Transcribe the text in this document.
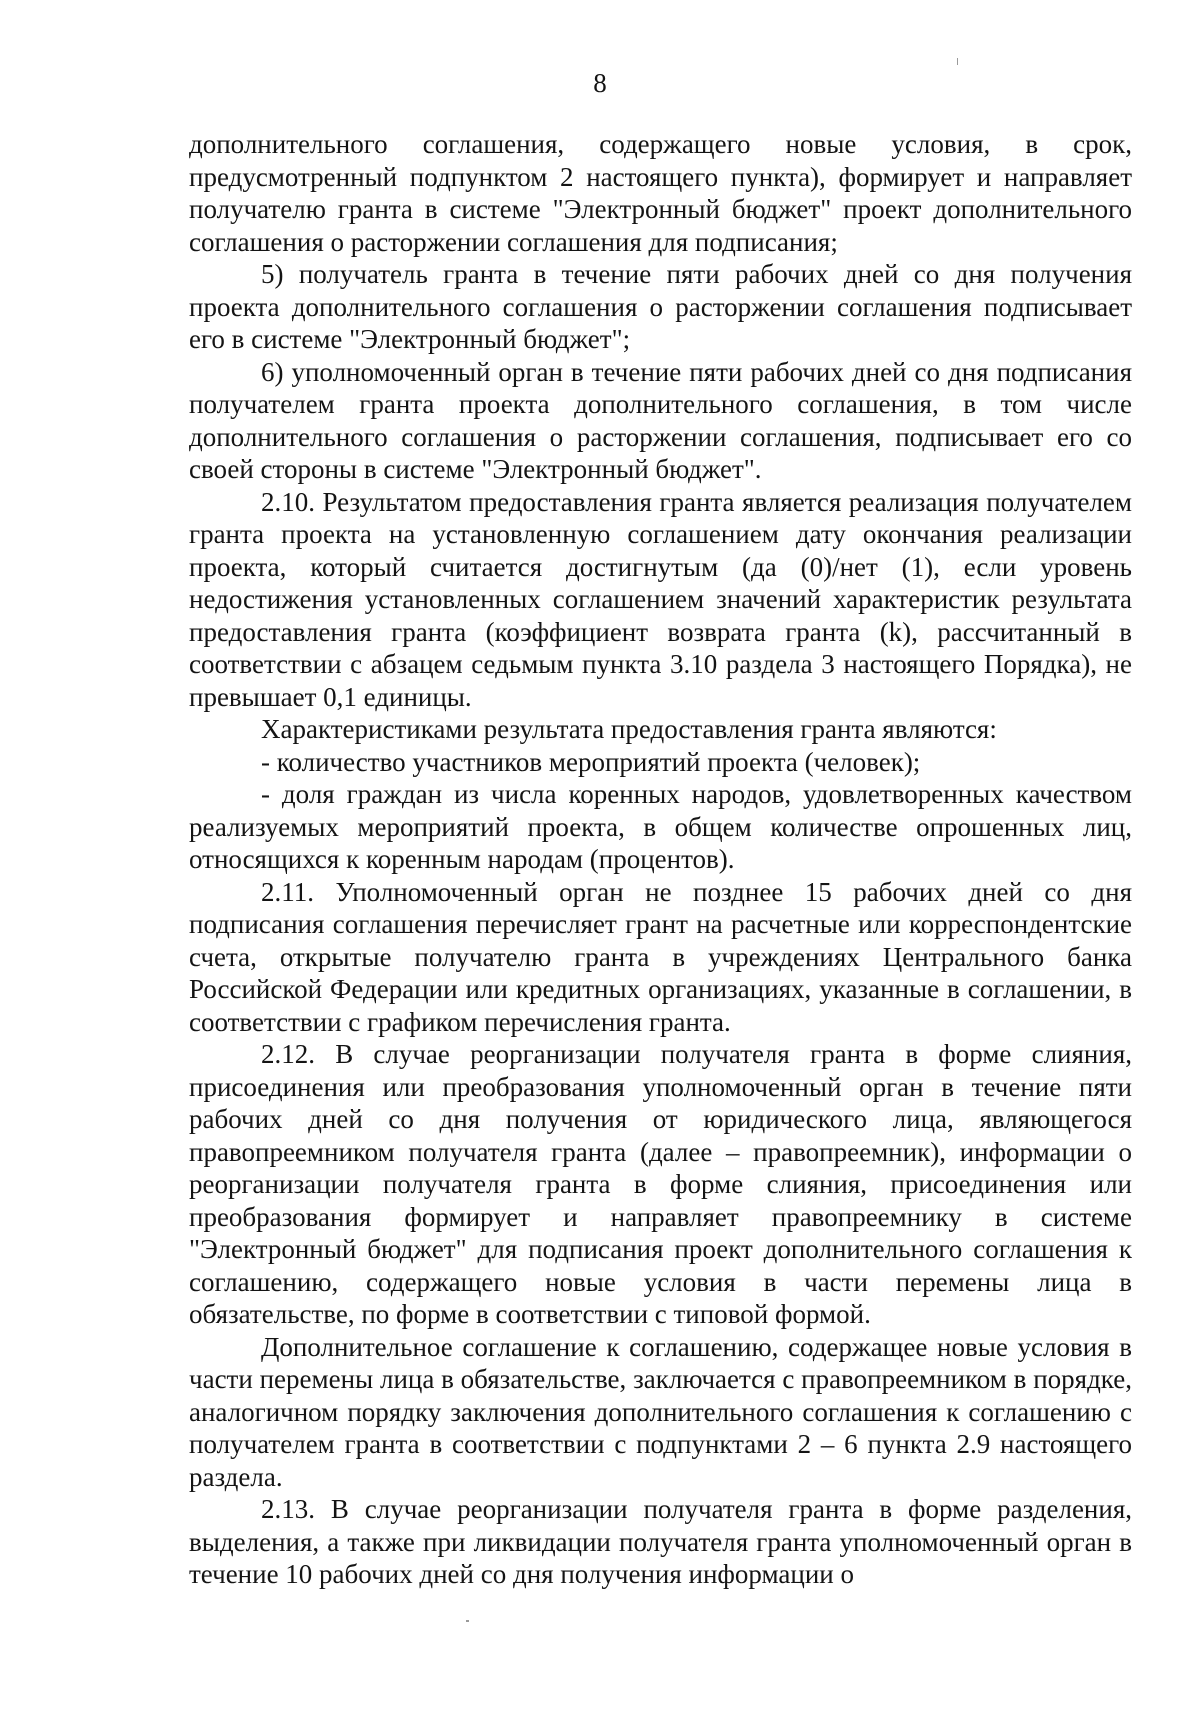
8

дополнительного соглашения, содержащего новые условия, в срок, предусмотренный подпунктом 2 настоящего пункта), формирует и направляет получателю гранта в системе "Электронный бюджет" проект дополнительного соглашения о расторжении соглашения для подписания;

5) получатель гранта в течение пяти рабочих дней со дня получения проекта дополнительного соглашения о расторжении соглашения подписывает его в системе "Электронный бюджет";

6) уполномоченный орган в течение пяти рабочих дней со дня подписания получателем гранта проекта дополнительного соглашения, в том числе дополнительного соглашения о расторжении соглашения, подписывает его со своей стороны в системе "Электронный бюджет".

2.10. Результатом предоставления гранта является реализация получателем гранта проекта на установленную соглашением дату окончания реализации проекта, который считается достигнутым (да (0)/нет (1), если уровень недостижения установленных соглашением значений характеристик результата предоставления гранта (коэффициент возврата гранта (k), рассчитанный в соответствии с абзацем седьмым пункта 3.10 раздела 3 настоящего Порядка), не превышает 0,1 единицы.

Характеристиками результата предоставления гранта являются:

- количество участников мероприятий проекта (человек);

- доля граждан из числа коренных народов, удовлетворенных качеством реализуемых мероприятий проекта, в общем количестве опрошенных лиц, относящихся к коренным народам (процентов).

2.11. Уполномоченный орган не позднее 15 рабочих дней со дня подписания соглашения перечисляет грант на расчетные или корреспондентские счета, открытые получателю гранта в учреждениях Центрального банка Российской Федерации или кредитных организациях, указанные в соглашении, в соответствии с графиком перечисления гранта.

2.12. В случае реорганизации получателя гранта в форме слияния, присоединения или преобразования уполномоченный орган в течение пяти рабочих дней со дня получения от юридического лица, являющегося правопреемником получателя гранта (далее – правопреемник), информации о реорганизации получателя гранта в форме слияния, присоединения или преобразования формирует и направляет правопреемнику в системе "Электронный бюджет" для подписания проект дополнительного соглашения к соглашению, содержащего новые условия в части перемены лица в обязательстве, по форме в соответствии с типовой формой.

Дополнительное соглашение к соглашению, содержащее новые условия в части перемены лица в обязательстве, заключается с правопреемником в порядке, аналогичном порядку заключения дополнительного соглашения к соглашению с получателем гранта в соответствии с подпунктами 2 – 6 пункта 2.9 настоящего раздела.

2.13. В случае реорганизации получателя гранта в форме разделения, выделения, а также при ликвидации получателя гранта уполномоченный орган в течение 10 рабочих дней со дня получения информации о
